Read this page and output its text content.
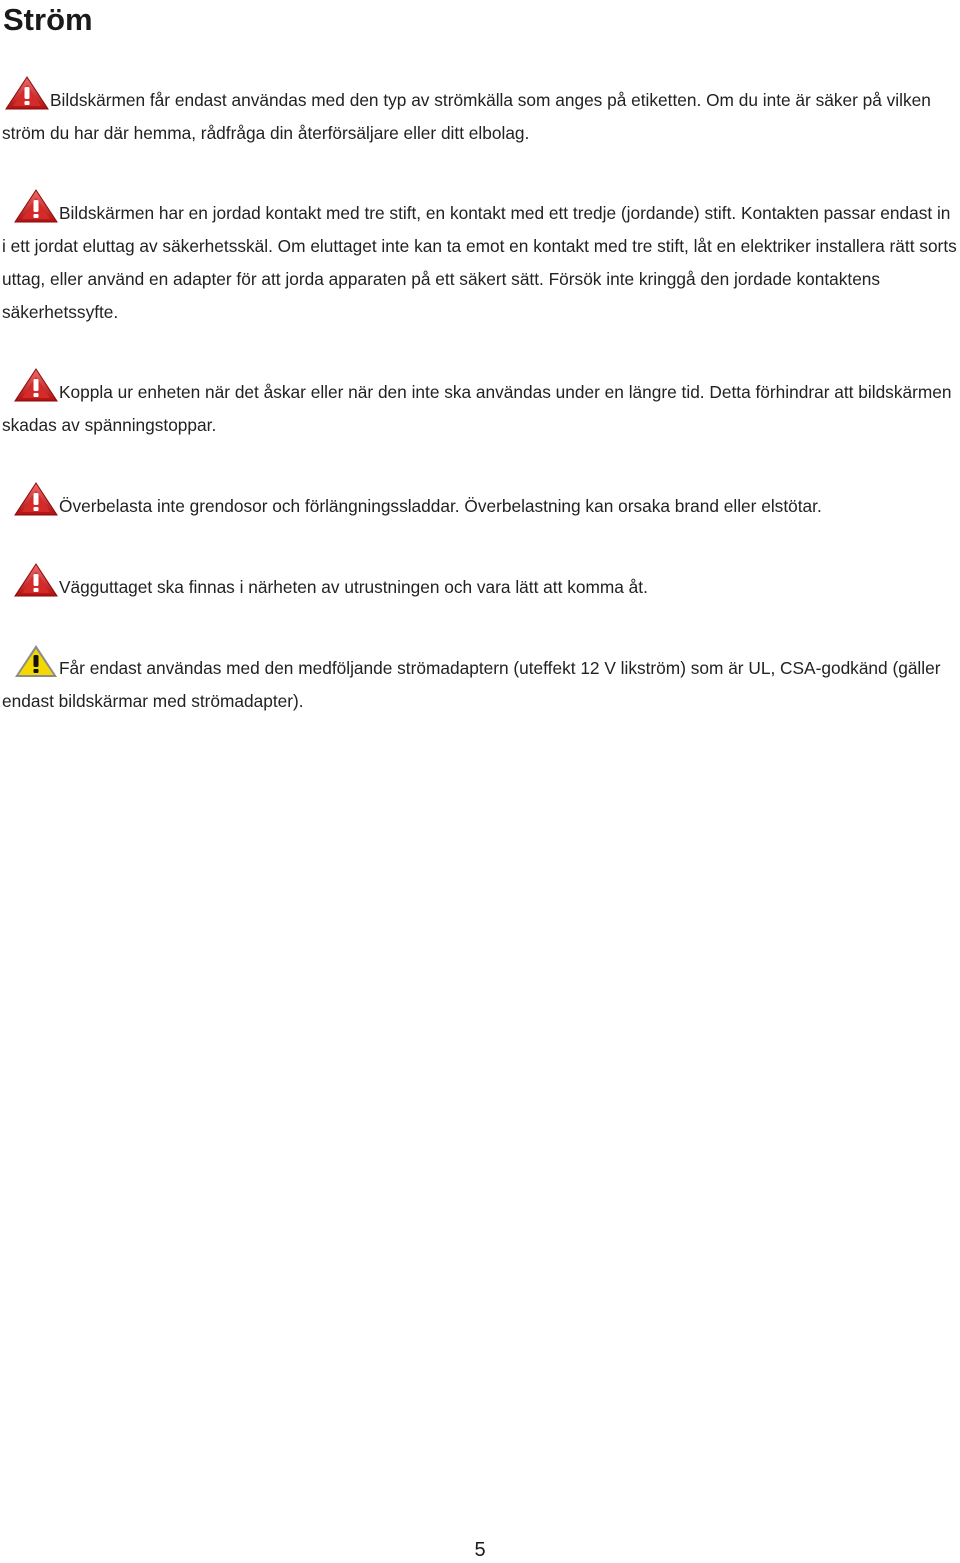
Ström

Bildskärmen får endast användas med den typ av strömkälla som anges på etiketten. Om du inte är säker på vilken ström du har där hemma, rådfråga din återförsäljare eller ditt elbolag.

Bildskärmen har en jordad kontakt med tre stift, en kontakt med ett tredje (jordande) stift. Kontakten passar endast in i ett jordat eluttag av säkerhetsskäl. Om eluttaget inte kan ta emot en kontakt med tre stift, låt en elektriker installera rätt sorts uttag, eller använd en adapter för att jorda apparaten på ett säkert sätt. Försök inte kringgå den jordade kontaktens säkerhetssyfte.

Koppla ur enheten när det åskar eller när den inte ska användas under en längre tid. Detta förhindrar att bildskärmen skadas av spänningstoppar.

Överbelasta inte grendosor och förlängningssladdar. Överbelastning kan orsaka brand eller elstötar.

Vägguttaget ska finnas i närheten av utrustningen och vara lätt att komma åt.

Får endast användas med den medföljande strömadaptern (uteffekt 12 V likström) som är UL, CSA-godkänd (gäller endast bildskärmar med strömadapter).

5
